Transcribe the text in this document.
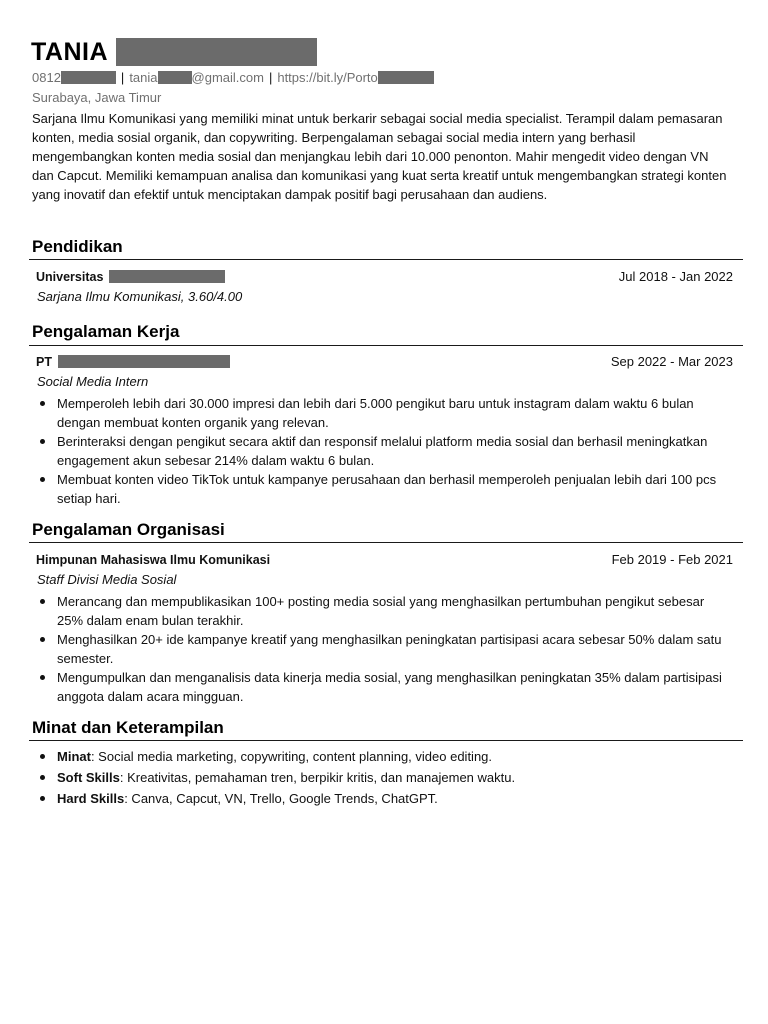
TANIA
0812	| tania	@gmail.com | https://bit.ly/Porto
Surabaya, Jawa Timur
Sarjana Ilmu Komunikasi yang memiliki minat untuk berkarir sebagai social media specialist. Terampil dalam pemasaran konten, media sosial organik, dan copywriting. Berpengalaman sebagai social media intern yang berhasil mengembangkan konten media sosial dan menjangkau lebih dari 10.000 penonton. Mahir mengedit video dengan VN dan Capcut. Memiliki kemampuan analisa dan komunikasi yang kuat serta kreatif untuk mengembangkan strategi konten yang inovatif dan efektif untuk menciptakan dampak positif bagi perusahaan dan audiens.
Pendidikan
Universitas	Jul 2018 - Jan 2022
Sarjana Ilmu Komunikasi, 3.60/4.00
Pengalaman Kerja
PT	Sep 2022 - Mar 2023
Social Media Intern
Memperoleh lebih dari 30.000 impresi dan lebih dari 5.000 pengikut baru untuk instagram dalam waktu 6 bulan dengan membuat konten organik yang relevan.
Berinteraksi dengan pengikut secara aktif dan responsif melalui platform media sosial dan berhasil meningkatkan engagement akun sebesar 214% dalam waktu 6 bulan.
Membuat konten video TikTok untuk kampanye perusahaan dan berhasil memperoleh penjualan lebih dari 100 pcs setiap hari.
Pengalaman Organisasi
Himpunan Mahasiswa Ilmu Komunikasi	Feb 2019 - Feb 2021
Staff Divisi Media Sosial
Merancang dan mempublikasikan 100+ posting media sosial yang menghasilkan pertumbuhan pengikut sebesar 25% dalam enam bulan terakhir.
Menghasilkan 20+ ide kampanye kreatif yang menghasilkan peningkatan partisipasi acara sebesar 50% dalam satu semester.
Mengumpulkan dan menganalisis data kinerja media sosial, yang menghasilkan peningkatan 35% dalam partisipasi anggota dalam acara mingguan.
Minat dan Keterampilan
Minat: Social media marketing, copywriting, content planning, video editing.
Soft Skills: Kreativitas, pemahaman tren, berpikir kritis, dan manajemen waktu.
Hard Skills: Canva, Capcut, VN, Trello, Google Trends, ChatGPT.
